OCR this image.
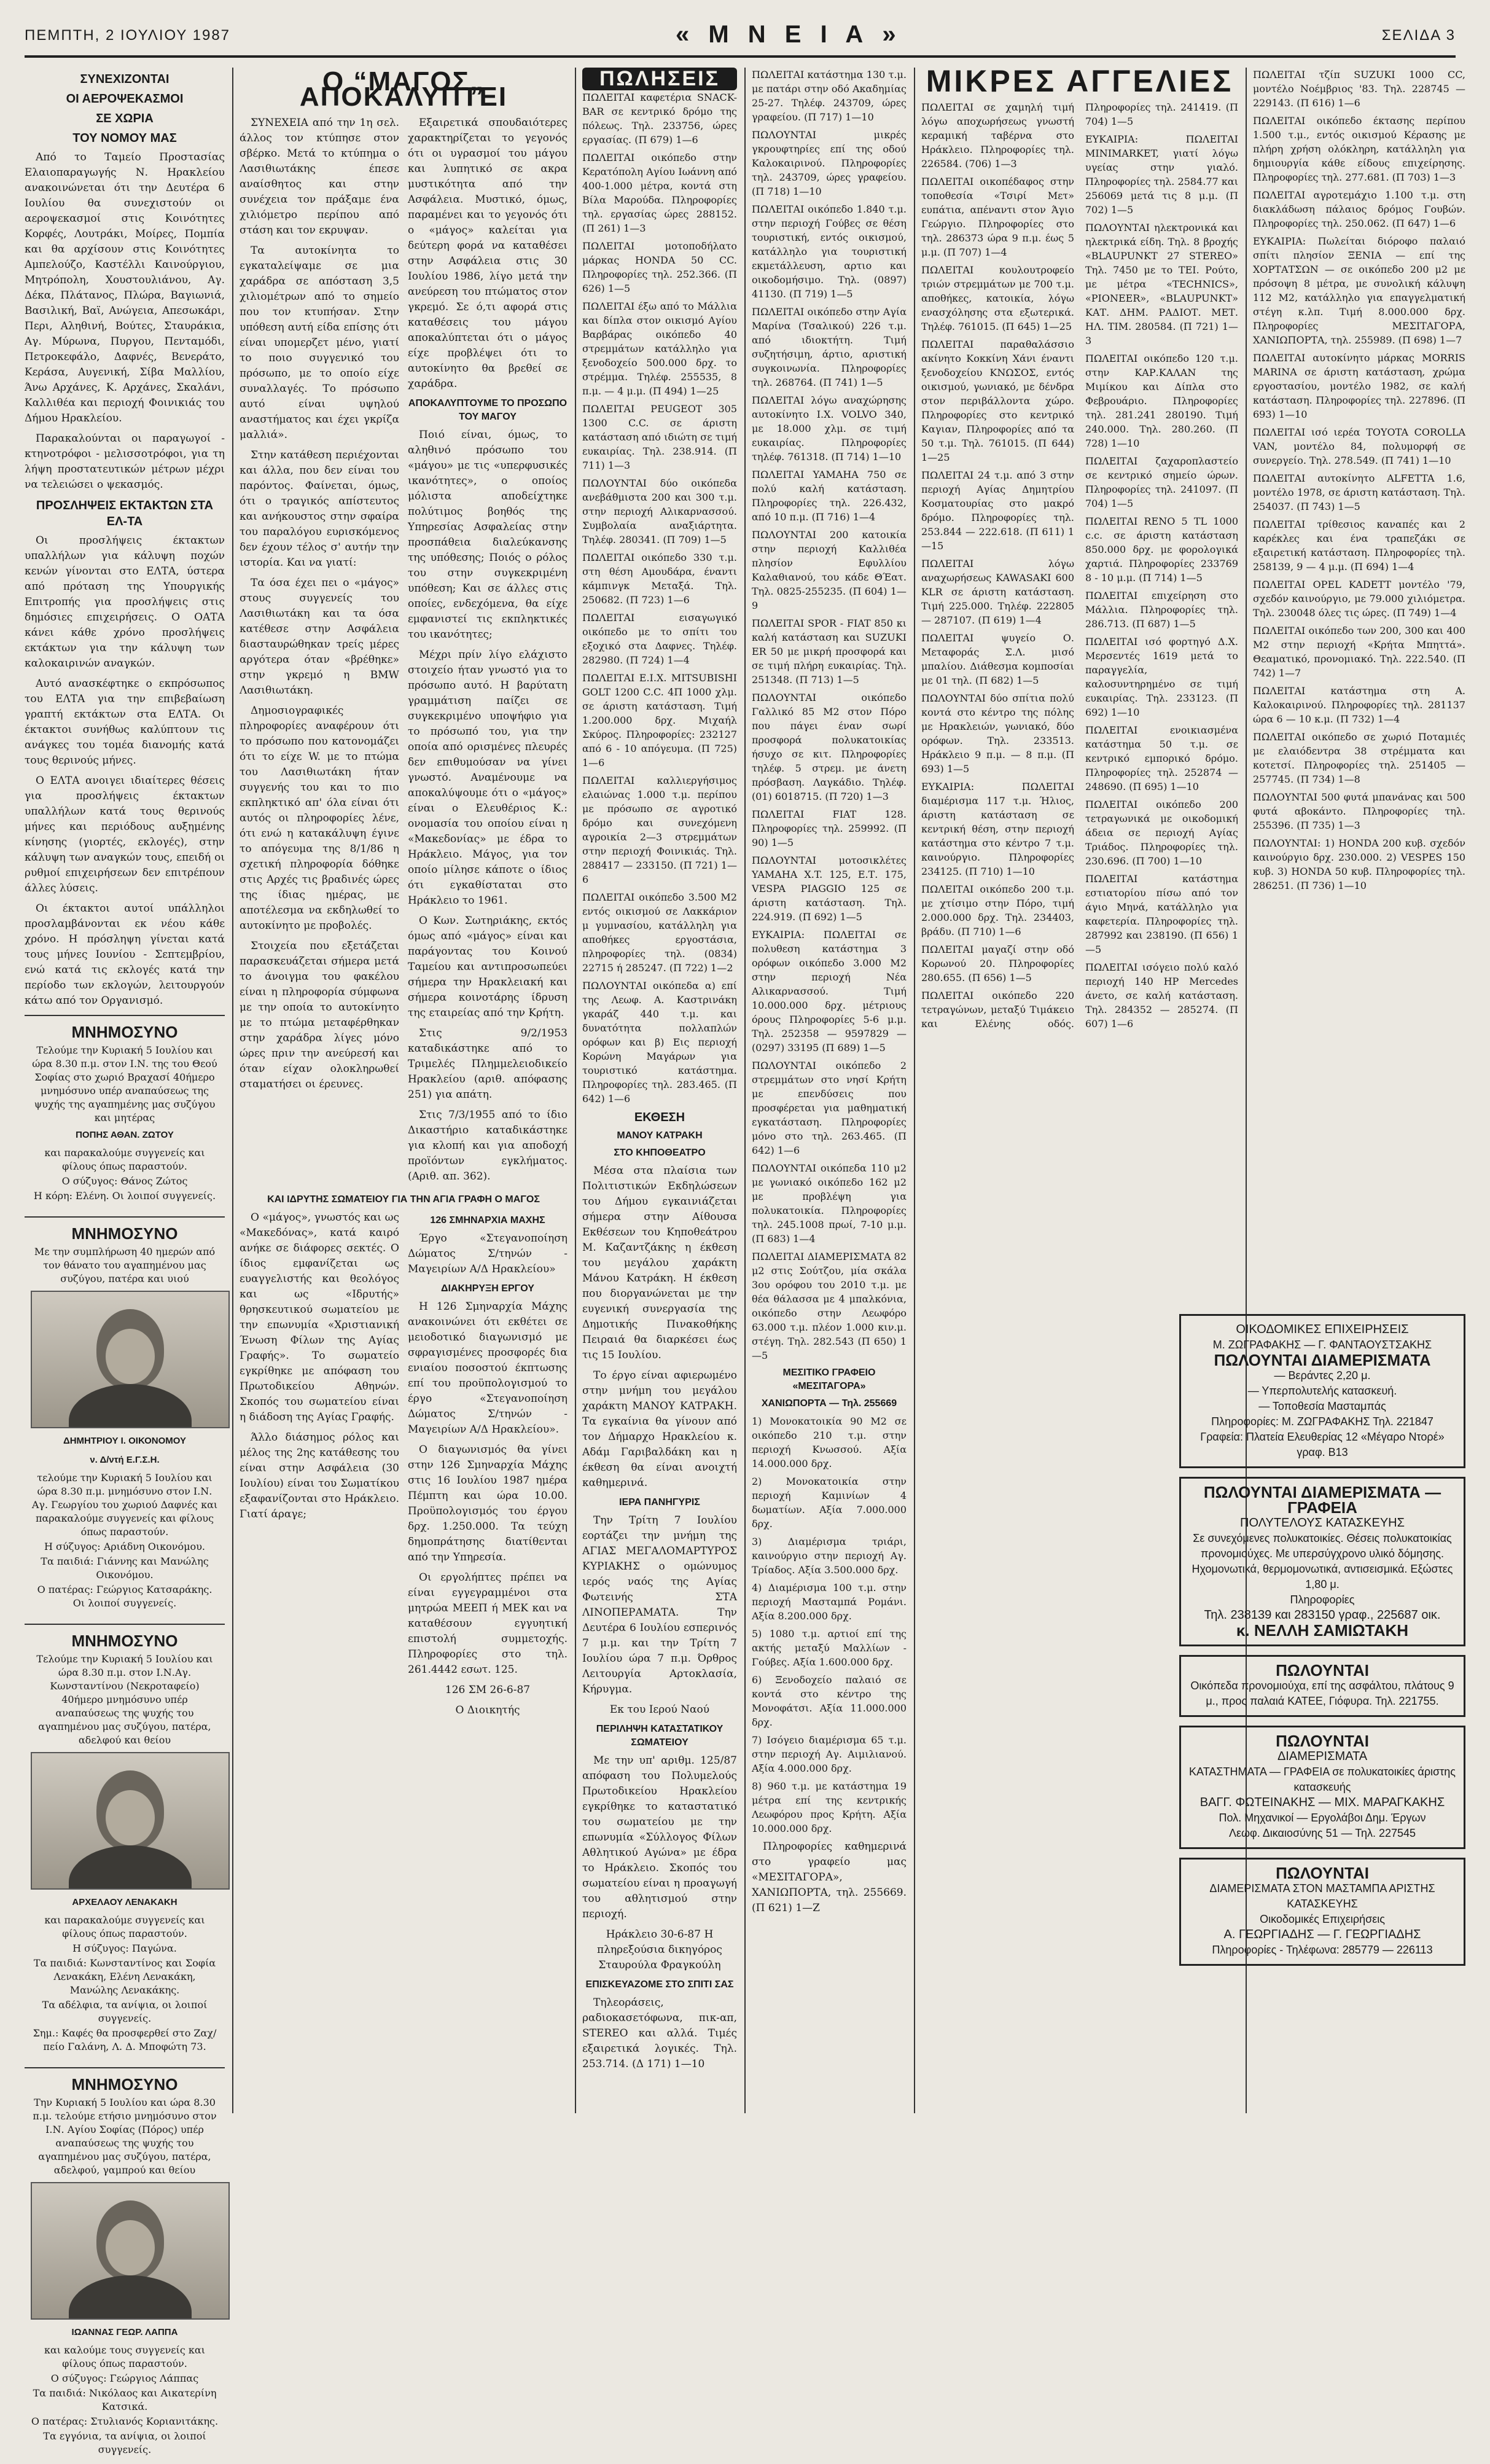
ΠΕΜΠΤΗ, 2 ΙΟΥΛΙΟΥ 1987	« Μ Ν Ε Ι Α »	ΣΕΛΙΔΑ 3
ΣΥΝΕΧΙΖΟΝΤΑΙ
ΟΙ ΑΕΡΟΨΕΚΑΣΜΟΙ
ΣΕ ΧΩΡΙΑ
ΤΟΥ ΝΟΜΟΥ ΜΑΣ

Από το Ταμείο Προστασίας Ελαιοπαραγωγής Ν. Ηρακλείου ανακοινώνεται ότι την Δευτέρα 6 Ιουλίου θα συνεχιστούν οι αεροψεκασμοί στις Κοινότητες Κορφές, Λουτράκι, Μοίρες, Πομπία και θα αρχίσουν στις Κοινότητες Αμπελούζο, Καστέλλι Καινούργιου, Μητρόπολη, Χουστουλιάνου, Αγ. Δέκα, Πλάτανος, Πλώρα, Βαγιωνιά, Βασιλική, Βαϊ, Ανώγεια, Απεσωκάρι, Περι, Αληθινή, Βούτες, Σταυράκια, Αγ. Μύρωνα, Πυργου, Πενταμόδι, Πετροκεφάλο, Δαφνές, Βενεράτο, Κεράσα, Αυγενική, Σίβα Μαλλίου, Άνω Αρχάνες, Κ. Αρχάνες, Σκαλάνι, Καλλιθέα και περιοχή Φοινικιάς του Δήμου Ηρακλείου.

Παρακαλούνται οι παραγωγοί - κτηνοτρόφοι - μελισσοτρόφοι, για τη λήψη προστατευτικών μέτρων μέχρι να τελειώσει ο ψεκασμός.

ΠΡΟΣΛΗΨΕΙΣ ΕΚΤΑΚΤΩΝ ΣΤΑ ΕΛ-ΤΑ

Οι προσλήψεις έκτακτων υπαλλήλων για κάλυψη ποχών κενών γίνονται στο ΕΛΤΑ, ύστερα από πρόταση της Υπουργικής Επιτροπής για προσλήψεις στις δημόσιες επιχειρήσεις. Ο ΟΑΤΑ κάνει κάθε χρόνο προσλήψεις εκτάκτων για την κάλυψη των καλοκαιρινών αναγκών.

Αυτό ανασκέφτηκε ο εκπρόσωπος του ΕΛΤΑ για την επιβεβαίωση γραπτή εκτάκτων στα ΕΛΤΑ. Οι έκτακτοι συνήθως καλύπτουν τις ανάγκες του τομέα διανομής κατά τους θερινούς μήνες.

Ο ΕΛΤΑ ανοιγει ιδιαίτερες θέσεις για προσλήψεις έκτακτων υπαλλήλων κατά τους θερινούς μήνες και περιόδους αυξημένης κίνησης (γιορτές, εκλογές), στην κάλυψη των αναγκών τους, επειδή οι ρυθμοί επιχειρήσεων δεν επιτρέπουν άλλες λύσεις.

Οι έκτακτοι αυτοί υπάλληλοι προσλαμβάνονται εκ νέου κάθε χρόνο. Η πρόσληψη γίνεται κατά τους μήνες Ιουνίου - Σεπτεμβρίου, ενώ κατά τις εκλογές κατά την περίοδο των εκλογών, λειτουργούν κάτω από τον Οργανισμό.

ΜΝΗΜΟΣΥΝΟ

Τελούμε την Κυριακή 5 Ιουλίου και ώρα 8.30 π.μ. στον Ι.Ν. της του Θεού Σοφίας στο χωριό Βραχασί 40ήμερο μνημόσυνο υπέρ αναπαύσεως της ψυχής της αγαπημένης μας συζύγου και μητέρας

ΠΟΠΗΣ ΑΘΑΝ. ΖΩΤΟΥ

και παρακαλούμε συγγενείς και φίλους όπως παραστούν.

Ο σύζυγος: Θάνος Ζώτος

Η κόρη: Ελένη. Οι λοιποί συγγενείς.

ΜΝΗΜΟΣΥΝΟ

Με την συμπλήρωση 40 ημερών από τον θάνατο του αγαπημένου μας συζύγου, πατέρα και υιού

ΔΗΜΗΤΡΙΟΥ Ι. ΟΙΚΟΝΟΜΟΥ
ν. Δ/ντή Ε.Γ.Σ.Η.

τελούμε την Κυριακή 5 Ιουλίου και ώρα 8.30 π.μ. μνημόσυνο στον Ι.Ν. Αγ. Γεωργίου του χωριού Δαφνές και παρακαλούμε συγγενείς και φίλους όπως παραστούν.

Η σύζυγος: Αριάδνη Οικονόμου.

Τα παιδιά: Γιάννης και Μανώλης Οικονόμου.

Ο πατέρας: Γεώργιος Κατσαράκης. Οι λοιποί συγγενείς.

ΜΝΗΜΟΣΥΝΟ

Τελούμε την Κυριακή 5 Ιουλίου και ώρα 8.30 π.μ. στον Ι.Ν.Αγ. Κωνσταντίνου (Νεκροταφείο) 40ήμερο μνημόσυνο υπέρ αναπαύσεως της ψυχής του αγαπημένου μας συζύγου, πατέρα, αδελφού και θείου

ΑΡΧΕΛΑΟΥ ΛΕΝΑΚΑΚΗ

και παρακαλούμε συγγενείς και φίλους όπως παραστούν.

Η σύζυγος: Παγώνα.

Τα παιδιά: Κωνσταντίνος και Σοφία Λενακάκη, Ελένη Λενακάκη, Μανώλης Λενακάκης.

Τα αδέλφια, τα ανίψια, οι λοιποί συγγενείς.

Σημ.: Καφές θα προσφερθεί στο Ζαχ/πείο Γαλάνη, Λ. Δ. Μποφώτη 73.

ΜΝΗΜΟΣΥΝΟ

Την Κυριακή 5 Ιουλίου και ώρα 8.30 π.μ. τελούμε ετήσιο μνημόσυνο στον Ι.Ν. Αγίου Σοφίας (Πόρος) υπέρ αναπαύσεως της ψυχής του αγαπημένου μας συζύγου, πατέρα, αδελφού, γαμπρού και θείου

ΙΩΑΝΝΑΣ ΓΕΩΡ. ΛΑΠΠΑ

και καλούμε τους συγγενείς και φίλους όπως παραστούν.

Ο σύζυγος: Γεώργιος Λάππας

Τα παιδιά: Νικόλαος και Αικατερίνη Κατσικά.

Ο πατέρας: Στυλιανός Κοριανιτάκης.

Τα εγγόνια, τα ανίψια, οι λοιποί συγγενείς.

Ο “ΜΑΓΟΣ„ ΑΠΟΚΑΛΥΠΤΕΙ

ΣΥΝΕΧΕΙΑ από την 1η σελ. άλλος τον κτύπησε στον σβέρκο. Μετά το κτύπημα ο Λασιθιωτάκης έπεσε αναίσθητος και στην συνέχεια τον πράξαμε ένα χιλιόμετρο περίπου από στάση και τον εκρυψαν.

Τα αυτοκίνητα το εγκαταλείψαμε σε μια χαράδρα σε απόσταση 3,5 χιλιομέτρων από το σημείο που τον κτυπήσαν. Στην υπόθεση αυτή είδα επίσης ότι είναι υπομερζετ μένο, γιατί το ποιο συγγενικό του πρόσωπο, με το οποίο είχε συναλλαγές. Το πρόσωπο αυτό είναι υψηλού αναστήματος και έχει γκρίζα μαλλιά».

Στην κατάθεση περιέχονται και άλλα, που δεν είναι του παρόντος. Φαίνεται, όμως, ότι ο τραγικός απίστευτος και ανήκουστος στην σφαίρα του παραλόγου ευρισκόμενος δεν έχουν τέλος σ' αυτήν την ιστορία. Και να γιατί:

Τα όσα έχει πει ο «μάγος» στους συγγενείς του Λασιθιωτάκη και τα όσα κατέθεσε στην Ασφάλεια διασταυρώθηκαν τρείς μέρες αργότερα όταν «βρέθηκε» στην γκρεμό η BMW Λασιθιωτάκη.

Δημοσιογραφικές πληροφορίες αναφέρουν ότι το πρόσωπο που κατονομάζει ότι το είχε W. με το πτώμα του Λασιθιωτάκη ήταν συγγενής του και το πιο εκπληκτικό απ' όλα είναι ότι αυτός οι πληροφορίες λένε, ότι ενώ η κατακάλυψη έγινε το απόγευμα της 8/1/86 η σχετική πληροφορία δόθηκε στις Αρχές τις βραδινές ώρες της ίδιας ημέρας, με αποτέλεσμα να εκδηλωθεί το αυτοκίνητο με προβολές.

Στοιχεία που εξετάζεται παρασκευάζεται σήμερα μετά το άνοιγμα του φακέλου είναι η πληροφορία σύμφωνα με την οποία το αυτοκίνητο με το πτώμα μεταφέρθηκαν στην χαράδρα λίγες μόνο ώρες πριν την ανεύρεσή και όταν είχαν ολοκληρωθεί σταματήσει οι έρευνες.

Εξαιρετικά σπουδαιότερες χαρακτηρίζεται το γεγονός ότι οι υγρασμοί του μάγου και λυπητικό σε ακρα μυστικότητα από την Ασφάλεια. Μυστικό, όμως, παραμένει και το γεγονός ότι ο «μάγος» καλείται για δεύτερη φορά να καταθέσει στην Ασφάλεια στις 30 Ιουλίου 1986, λίγο μετά την ανεύρεση του πτώματος στον γκρεμό. Σε ό,τι αφορά στις καταθέσεις του μάγου αποκαλύπτεται ότι ο μάγος είχε προβλέψει ότι το αυτοκίνητο θα βρεθεί σε χαράδρα.

ΑΠΟΚΑΛΥΠΤΟΥΜΕ ΤΟ ΠΡΟΣΩΠΟ ΤΟΥ ΜΑΓΟΥ

Ποιό είναι, όμως, το αληθινό πρόσωπο του «μάγου» με τις «υπερφυσικές ικανότητες», ο οποίος μόλιστα αποδείχτηκε πολύτιμος βοηθός της Υπηρεσίας Ασφαλείας στην προσπάθεια διαλεύκανσης της υπόθεσης; Ποιός ο ρόλος του στην συγκεκριμένη υπόθεση; Και σε άλλες στις οποίες, ενδεχόμενα, θα είχε εμφανιστεί τις εκπληκτικές του ικανότητες;

Μέχρι πρίν λίγο ελάχιστο στοιχείο ήταν γνωστό για το πρόσωπο αυτό. Η βαρύτατη γραμμάτιση παίζει σε συγκεκριμένο υποψήφιο για το πρόσωπό του, για την οποία από ορισμένες πλευρές δεν επιθυμούσαν να γίνει γνωστό. Αναμένουμε να αποκαλύψουμε ότι ο «μάγος» είναι ο Ελευθέριος Κ.: ονομασία του οποίου είναι η «Μακεδονίας» με έδρα το Ηράκλειο. Μάγος, για τον οποίο μίλησε κάποτε ο ίδιος ότι εγκαθίσταται στο Ηράκλειο το 1961.

Ο Κων. Σωτηριάκης, εκτός όμως από «μάγος» είναι και παράγοντας του Κοινού Ταμείου και αντιπροσωπεύει σήμερα την Ηρακλειακή και σήμερα κοινοτάρης ίδρυση της εταιρείας από την Κρήτη.

Στις 9/2/1953 καταδικάστηκε από το Τριμελές Πλημμελειοδικείο Ηρακλείου (αριθ. απόφασης 251) για απάτη.

Στις 7/3/1955 από το ίδιο Δικαστήριο καταδικάστηκε για κλοπή και για αποδοχή προϊόντων εγκλήματος. (Αριθ. απ. 362).

ΚΑΙ ΙΔΡΥΤΗΣ ΣΩΜΑΤΕΙΟΥ ΓΙΑ ΤΗΝ ΑΓΙΑ ΓΡΑΦΗ Ο ΜΑΓΟΣ

Ο «μάγος», γνωστός και ως «Μακεδόνας», κατά καιρό ανήκε σε διάφορες σεκτές. Ο ίδιος εμφανίζεται ως ευαγγελιστής και θεολόγος και ως «Ιδρυτής» θρησκευτικού σωματείου με την επωνυμία «Χριστιανική Ένωση Φίλων της Αγίας Γραφής». Το σωματείο εγκρίθηκε με απόφαση του Πρωτοδικείου Αθηνών. Σκοπός του σωματείου είναι η διάδοση της Αγίας Γραφής.

Άλλο διάσημος ρόλος και μέλος της 2ης κατάθεσης του είναι στην Ασφάλεια (30 Ιουλίου) είναι του Σωματίκου εξαφανίζονται στο Ηράκλειο. Γιατί άραγε;

126 ΣΜΗΝΑΡΧΙΑ ΜΑΧΗΣ

Έργο «Στεγανοποίηση Δώματος Σ/τηνών - Μαγειρίων Α/Δ Ηρακλείου»

ΔΙΑΚΗΡΥΞΗ ΕΡΓΟΥ

Η 126 Σμηναρχία Μάχης ανακοινώνει ότι εκθέτει σε μειοδοτικό διαγωνισμό με σφραγισμένες προσφορές δια ενιαίου ποσοστού έκπτωσης επί του προϋπολογισμού το έργο «Στεγανοποίηση Δώματος Σ/τηνών - Μαγειρίων Α/Δ Ηρακλείου».

Ο διαγωνισμός θα γίνει στην 126 Σμηναρχία Μάχης στις 16 Ιουλίου 1987 ημέρα Πέμπτη και ώρα 10.00. Προϋπολογισμός του έργου δρχ. 1.250.000. Τα τεύχη δημοπράτησης διατίθενται από την Υπηρεσία.

Οι εργολήπτες πρέπει να είναι εγγεγραμμένοι στα μητρώα ΜΕΕΠ ή ΜΕΚ και να καταθέσουν εγγυητική επιστολή συμμετοχής. Πληροφορίες στο τηλ. 261.4442 εσωτ. 125.

126 ΣΜ 26-6-87

Ο Διοικητής

ΠΩΛΗΣΕΙΣ
ΠΩΛΕΙΤΑΙ καφετέρια SNACK-BAR σε κεντρικό δρόμο της πόλεως. Τηλ. 233756, ώρες εργασίας. (Π 679) 1—6
ΠΩΛΕΙΤΑΙ οικόπεδο στην Κερατόπολη Αγίου Ιωάννη από 400-1.000 μέτρα, κοντά στη Βίλα Μαρούδα. Πληροφορίες τηλ. εργασίας ώρες 288152. (Π 261) 1—3
ΠΩΛΕΙΤΑΙ μοτοποδήλατο μάρκας HONDA 50 CC. Πληροφορίες τηλ. 252.366. (Π 626) 1—5
ΠΩΛΕΙΤΑΙ έξω από το Μάλλια και δίπλα στον οικισμό Αγίου Βαρβάρας οικόπεδο 40 στρεμμάτων κατάλληλο για ξενοδοχείο 500.000 δρχ. το στρέμμα. Τηλέφ. 255535, 8 π.μ. — 4 μ.μ. (Π 494) 1—25
ΠΩΛΕΙΤΑΙ PEUGEOT 305 1300 C.C. σε άριστη κατάσταση από ιδιώτη σε τιμή ευκαιρίας. Τηλ. 238.914. (Π 711) 1—3
ΠΩΛΟΥΝΤΑΙ δύο οικόπεδα ανεβάθμιστα 200 και 300 τ.μ. στην περιοχή Αλικαρνασσού. Συμβολαία αναξιάρτητα. Τηλέφ. 280341. (Π 709) 1—5
ΠΩΛΕΙΤΑΙ οικόπεδο 330 τ.μ. στη θέση Αμουδάρα, έναντι κάμπινγκ Μεταξά. Τηλ. 250682. (Π 723) 1—6
ΠΩΛΕΙΤΑΙ εισαγωγικό οικόπεδο με το σπίτι του εξοχικό στα Δαφνες. Τηλέφ. 282980. (Π 724) 1—4
ΠΩΛΕΙΤΑΙ Ε.Ι.Χ. MITSUBISHI GOLT 1200 C.C. 4Π 1000 χλμ. σε άριστη κατάσταση. Τιμή 1.200.000 δρχ. Μιχαήλ Σκύρος. Πληροφορίες: 232127 από 6 - 10 απόγευμα. (Π 725) 1—6
ΠΩΛΕΙΤΑΙ καλλιεργήσιμος ελαιώνας 1.000 τ.μ. περίπου με πρόσωπο σε αγροτικό δρόμο και συνεχόμενη αγροικία 2—3 στρεμμάτων στην περιοχή Φοινικιάς. Τηλ. 288417 — 233150. (Π 721) 1—6
ΠΩΛΕΙΤΑΙ οικόπεδο 3.500 Μ2 εντός οικισμού σε Λακκάριον μ γυμνασίου, κατάλληλη για αποθήκες εργοστάσια, πληροφορίες τηλ. (0834) 22715 ή 285247. (Π 722) 1—2
ΠΩΛΟΥΝΤΑΙ οικόπεδα α) επί της Λεωφ. Α. Καστρινάκη γκαράζ 440 τ.μ. και δυνατότητα πολλαπλών ορόφων και β) Εις περιοχή Κορώνη Μαγάρων για τουριστικό κατάστημα. Πληροφορίες τηλ. 283.465. (Π 642) 1—6
ΕΚΘΕΣΗ
ΜΑΝΟΥ ΚΑΤΡΑΚΗ
ΣΤΟ ΚΗΠΟΘΕΑΤΡΟ

Μέσα στα πλαίσια των Πολιτιστικών Εκδηλώσεων του Δήμου εγκαινιάζεται σήμερα στην Αίθουσα Εκθέσεων του Κηποθεάτρου Μ. Καζαντζάκης η έκθεση του μεγάλου χαράκτη Μάνου Κατράκη. Η έκθεση που διοργανώνεται με την ευγενική συνεργασία της Δημοτικής Πινακοθήκης Πειραιά θα διαρκέσει έως τις 15 Ιουλίου.

Το έργο είναι αφιερωμένο στην μνήμη του μεγάλου χαράκτη ΜΑΝΟΥ ΚΑΤΡΑΚΗ. Τα εγκαίνια θα γίνουν από τον Δήμαρχο Ηρακλείου κ. Αδάμ Γαριβαλδάκη και η έκθεση θα είναι ανοιχτή καθημερινά.

ΙΕΡΑ ΠΑΝΗΓΥΡΙΣ

Την Τρίτη 7 Ιουλίου εορτάζει την μνήμη της ΑΓΙΑΣ ΜΕΓΑΛΟΜΑΡΤΥΡΟΣ ΚΥΡΙΑΚΗΣ ο ομώνυμος ιερός ναός της Αγίας Φωτεινής ΣΤΑ ΛΙΝΟΠΕΡΑΜΑΤΑ. Την Δευτέρα 6 Ιουλίου εσπερινός 7 μ.μ. και την Τρίτη 7 Ιουλίου ώρα 7 π.μ. Όρθρος Λειτουργία Αρτοκλασία, Κήρυγμα.

Εκ του Ιερού Ναού

ΠΕΡΙΛΗΨΗ ΚΑΤΑΣΤΑΤΙΚΟΥ ΣΩΜΑΤΕΙΟΥ

Με την υπ' αριθμ. 125/87 απόφαση του Πολυμελούς Πρωτοδικείου Ηρακλείου εγκρίθηκε το καταστατικό του σωματείου με την επωνυμία «Σύλλογος Φίλων Αθλητικού Αγώνα» με έδρα το Ηράκλειο. Σκοπός του σωματείου είναι η προαγωγή του αθλητισμού στην περιοχή.

Ηράκλειο 30-6-87 Η πληρεξούσια δικηγόρος Σταυρούλα Φραγκούλη

ΕΠΙΣΚΕΥΑΖΟΜΕ ΣΤΟ ΣΠΙΤΙ ΣΑΣ

Τηλεοράσεις, ραδιοκασετόφωνα, πικ-απ, STEREO και αλλά. Τιμές εξαιρετικά λογικές. Τηλ. 253.714. (Δ 171) 1—10

ΠΩΛΕΙΤΑΙ κατάστημα 130 τ.μ. με πατάρι στην οδό Ακαδημίας 25-27. Τηλέφ. 243709, ώρες γραφείου. (Π 717) 1—10
ΠΩΛΟΥΝΤΑΙ μικρές γκρουφτηρίες επί της οδού Καλοκαιρινού. Πληροφορίες τηλ. 243709, ώρες γραφείου. (Π 718) 1—10
ΠΩΛΕΙΤΑΙ οικόπεδο 1.840 τ.μ. στην περιοχή Γούβες σε θέση τουριστική, εντός οικισμού, κατάλληλο για τουριστική εκμετάλλευση, αρτιο και οικοδομήσιμο. Τηλ. (0897) 41130. (Π 719) 1—5
ΠΩΛΕΙΤΑΙ οικόπεδο στην Αγία Μαρίνα (Τσαλικού) 226 τ.μ. από ιδιοκτήτη. Τιμή συζητήσιμη, άρτιο, αριστική συγκοινωνία. Πληροφορίες τηλ. 268764. (Π 741) 1—5
ΠΩΛΕΙΤΑΙ λόγω αναχώρησης αυτοκίνητο Ι.Χ. VOLVO 340, με 18.000 χλμ. σε τιμή ευκαιρίας. Πληροφορίες τηλέφ. 761318. (Π 714) 1—10
ΠΩΛΕΙΤΑΙ YAMAHA 750 σε πολύ καλή κατάσταση. Πληροφορίες τηλ. 226.432, από 10 π.μ. (Π 716) 1—4
ΠΩΛΟΥΝΤΑΙ 200 κατοικία στην περιοχή Καλλιθέα πλησίον Εφυλλίου Καλαθιανού, του κάδε ΘΈατ. Τηλ. 0825-255235. (Π 604) 1—9
ΠΩΛΕΙΤΑΙ SPOR - FIAT 850 κι καλή κατάσταση και SUZUKI ER 50 με μικρή προσφορά και σε τιμή πλήρη ευκαιρίας. Τηλ. 251348. (Π 713) 1—5
ΠΩΛΟΥΝΤΑΙ οικόπεδο Γαλλικό 85 Μ2 στον Πόρο που πάγει έναν σωρί προσφορά πολυκατοικίας ήσυχο σε κιτ. Πληροφορίες τηλέφ. 5 στρεμ. με άνετη πρόσβαση. Λαγκάδιο. Τηλέφ. (01) 6018715. (Π 720) 1—3
ΠΩΛΕΙΤΑΙ FIAT 128. Πληροφορίες τηλ. 259992. (Π 90) 1—5
ΠΩΛΟΥΝΤΑΙ μοτοσικλέτες YAMAHA X.T. 125, Ε.Τ. 175, VESPA PIAGGIO 125 σε άριστη κατάσταση. Τηλ. 224.919. (Π 692) 1—5
ΕΥΚΑΙΡΙΑ: ΠΩΛΕΙΤΑΙ σε πολυθεση κατάστημα 3 ορόφων οικόπεδο 3.000 Μ2 στην περιοχή Νέα Αλικαρνασσού. Τιμή 10.000.000 δρχ. μέτριους όρους Πληροφορίες 5-6 μ.μ. Τηλ. 252358 — 9597829 — (0297) 33195 (Π 689) 1—5
ΠΩΛΟΥΝΤΑΙ οικόπεδο 2 στρεμμάτων στο νησί Κρήτη με επενδύσεις που προσφέρεται για μαθηματική εγκατάσταση. Πληροφορίες μόνο στο τηλ. 263.465. (Π 642) 1—6
ΠΩΛΟΥΝΤΑΙ οικόπεδα 110 μ2 με γωνιακό οικόπεδο 162 μ2 με προβλέψη για πολυκατοικία. Πληροφορίες τηλ. 245.1008 πρωί, 7-10 μ.μ. (Π 683) 1—4
ΠΩΛΕΙΤΑΙ ΔΙΑΜΕΡΙΣΜΑΤΑ 82 μ2 στις Σούτζου, μία σκάλα 3ου ορόφου του 2010 τ.μ. με θέα θάλασσα με 4 μπαλκόνια, οικόπεδο στην Λεωφόρο 63.000 τ.μ. πλέον 1.000 κιν.μ. στέγη. Τηλ. 282.543 (Π 650) 1—5
ΜΕΣΙΤΙΚΟ ΓΡΑΦΕΙΟ «ΜΕΣΙΤΑΓΟΡΑ»
ΧΑΝΙΩΠΟΡΤΑ — Τηλ. 255669
1) Μονοκατοικία 90 Μ2 σε οικόπεδο 210 τ.μ. στην περιοχή Κνωσσού. Αξία 14.000.000 δρχ.
2) Μονοκατοικία στην περιοχή Καμινίων 4 δωματίων. Αξία 7.000.000 δρχ.
3) Διαμέρισμα τριάρι, καινούργιο στην περιοχή Αγ. Τρίαδος. Αξία 3.500.000 δρχ.
4) Διαμέρισμα 100 τ.μ. στην περιοχή Μασταμπά Ρομάνι. Αξία 8.200.000 δρχ.
5) 1080 τ.μ. αρτιοί επί της ακτής μεταξύ Μαλλίων - Γούβες. Αξία 1.600.000 δρχ.
6) Ξενοδοχείο παλαιό σε κοντά στο κέντρο της Μονοφάτσι. Αξία 11.000.000 δρχ.
7) Ισόγειο διαμέρισμα 65 τ.μ. στην περιοχή Αγ. Αιμιλιανού. Αξία 4.000.000 δρχ.
8) 960 τ.μ. με κατάστημα 19 μέτρα επί της κεντρικής Λεωφόρου προς Κρήτη. Αξία 10.000.000 δρχ.

Πληροφορίες καθημερινά στο γραφείο μας «ΜΕΣΙΤΑΓΟΡΑ», ΧΑΝΙΩΠΟΡΤΑ, τηλ. 255669. (Π 621) 1—Z

ΜΙΚΡΕΣ ΑΓΓΕΛΙΕΣ
ΠΩΛΕΙΤΑΙ σε χαμηλή τιμή λόγω αποχωρήσεως γνωστή κεραμική ταβέρνα στο Ηράκλειο. Πληροφορίες τηλ. 226584. (706) 1—3
ΠΩΛΕΙΤΑΙ οικοπέδαφος στην τοποθεσία «Τσιρί Μετ» ευπάτια, απέναντι στον Άγιο Γεώργιο. Πληροφορίες στο τηλ. 286373 ώρα 9 π.μ. έως 5 μ.μ. (Π 707) 1—4
ΠΩΛΕΙΤΑΙ κουλουτροφείο τριών στρεμμάτων με 700 τ.μ. αποθήκες, κατοικία, λόγω ενασχόλησης στα εξωτερικά. Τηλέφ. 761015. (Π 645) 1—25
ΠΩΛΕΙΤΑΙ παραθαλάσσιο ακίνητο Κοκκίνη Χάνι έναντι ξενοδοχείου ΚΝΩΣΟΣ, εντός οικισμού, γωνιακό, με δένδρα στον περιβάλλοντα χώρο. Πληροφορίες στο κεντρικό Καγιαν, Πληροφορίες από τα 50 τ.μ. Τηλ. 761015. (Π 644) 1—25
ΠΩΛΕΙΤΑΙ 24 τ.μ. από 3 στην περιοχή Αγίας Δημητρίου Κοσματουρίας στο μακρό δρόμο. Πληροφορίες τηλ. 253.844 — 222.618. (Π 611) 1—15
ΠΩΛΕΙΤΑΙ λόγω αναχωρήσεως KAWASAKI 600 KLR σε άριστη κατάσταση. Τιμή 225.000. Τηλέφ. 222805 — 287107. (Π 619) 1—4
ΠΩΛΕΙΤΑΙ ψυγείο Ο. Μεταφοράς Σ.Λ. μισό μπαλίου. Διάθεσμα κομποσίαι με 01 τηλ. (Π 682) 1—5
ΠΩΛΟΥΝΤΑΙ δύο σπίτια πολύ κοντά στο κέντρο της πόλης με Ηρακλειών, γωνιακό, δύο ορόφων. Τηλ. 233513. Ηράκλειο 9 π.μ. — 8 π.μ. (Π 693) 1—5
ΕΥΚΑΙΡΙΑ: ΠΩΛΕΙΤΑΙ διαμέρισμα 117 τ.μ. Ήλιος, άριστη κατάσταση σε κεντρική θέση, στην περιοχή κατάστημα στο κέντρο 7 τ.μ. καινούργιο. Πληροφορίες 234125. (Π 710) 1—10
ΠΩΛΕΙΤΑΙ οικόπεδο 200 τ.μ. με χτίσιμο στην Πόρο, τιμή 2.000.000 δρχ. Τηλ. 234403, βράδυ. (Π 710) 1—6
ΠΩΛΕΙΤΑΙ μαγαζί στην οδό Κορωνού 20. Πληροφορίες 280.655. (Π 656) 1—5
ΠΩΛΕΙΤΑΙ οικόπεδο 220 τετραγώνων, μεταξύ Τιμάκειο και Ελένης οδός. Πληροφορίες τηλ. 241419. (Π 704) 1—5
ΕΥΚΑΙΡΙΑ: ΠΩΛΕΙΤΑΙ MINIMARKET, γιατί λόγω υγείας στην γιαλό. Πληροφορίες τηλ. 2584.77 και 256069 μετά τις 8 μ.μ. (Π 702) 1—5
ΠΩΛΟΥΝΤΑΙ ηλεκτρονικά και ηλεκτρικά είδη. Τηλ. 8 βροχής «BLAUPUNKT 27 STEREO» Τηλ. 7450 με το ΤΕΙ. Ρούτο, με μέτρα «TECHNICS», «PIONEER», «BLAUPUNKT» ΚΑΤ. ΔΗΜ. ΡΑΔΙΟΤ. ΜΕΤ. ΗΛ. ΤΙΜ. 280584. (Π 721) 1—3
ΠΩΛΕΙΤΑΙ οικόπεδο 120 τ.μ. στην ΚΑΡ.ΚΑΛΑΝ της Μιμίκου και Δίπλα στο Φεβρουάριο. Πληροφορίες τηλ. 281.241 280190. Τιμή 240.000. Τηλ. 280.260. (Π 728) 1—10
ΠΩΛΕΙΤΑΙ ζαχαροπλαστείο σε κεντρικό σημείο ώρων. Πληροφορίες τηλ. 241097. (Π 704) 1—5
ΠΩΛΕΙΤΑΙ RENO 5 TL 1000 c.c. σε άριστη κατάσταση 850.000 δρχ. με φορολογικά χαρτιά. Πληροφορίες 233769 8 - 10 μ.μ. (Π 714) 1—5
ΠΩΛΕΙΤΑΙ επιχείρηση στο Μάλλια. Πληροφορίες τηλ. 286.713. (Π 687) 1—5
ΠΩΛΕΙΤΑΙ ισό φορτηγό Δ.Χ. Μερσεντές 1619 μετά το παραγγελία, καλοσυντηρημένο σε τιμή ευκαιρίας. Τηλ. 233123. (Π 692) 1—10
ΠΩΛΕΙΤΑΙ ενοικιασμένα κατάστημα 50 τ.μ. σε κεντρικό εμπορικό δρόμο. Πληροφορίες τηλ. 252874 — 248690. (Π 695) 1—10
ΠΩΛΕΙΤΑΙ οικόπεδο 200 τετραγωνικά με οικοδομική άδεια σε περιοχή Αγίας Τριάδος. Πληροφορίες τηλ. 230.696. (Π 700) 1—10
ΠΩΛΕΙΤΑΙ κατάστημα εστιατορίου πίσω από τον άγιο Μηνά, κατάλληλο για καφετερία. Πληροφορίες τηλ. 287992 και 238190. (Π 656) 1—5
ΠΩΛΕΙΤΑΙ ισόγειο πολύ καλό περιοχή 140 HP Mercedes άνετο, σε καλή κατάσταση. Τηλ. 284352 — 285274. (Π 607) 1—6
ΠΩΛΕΙΤΑΙ τζίπ SUZUKI 1000 CC, μοντέλο Νοέμβριος '83. Τηλ. 228745 — 229143. (Π 616) 1—6
ΠΩΛΕΙΤΑΙ οικόπεδο έκτασης περίπου 1.500 τ.μ., εντός οικισμού Κέρασης με πλήρη χρήση ολόκληρη, κατάλληλη για δημιουργία κάθε είδους επιχείρησης. Πληροφορίες τηλ. 277.681. (Π 703) 1—3
ΠΩΛΕΙΤΑΙ αγροτεμάχιο 1.100 τ.μ. στη διακλάδωση πάλαιος δρόμος Γουβών. Πληροφορίες τηλ. 250.062. (Π 647) 1—6
ΕΥΚΑΙΡΙΑ: Πωλείται διόροφο παλαιό σπίτι πλησίον ΞΕΝΙΑ — επί της ΧΟΡΤΑΤΣΩΝ — σε οικόπεδο 200 μ2 με πρόσοψη 8 μέτρα, με συνολική κάλυψη 112 Μ2, κατάλληλο για επαγγελματική στέγη κ.λπ. Τιμή 8.000.000 δρχ. Πληροφορίες ΜΕΣΙΤΑΓΟΡΑ, ΧΑΝΙΩΠΟΡΤΑ, τηλ. 255989. (Π 698) 1—7
ΠΩΛΕΙΤΑΙ αυτοκίνητο μάρκας MORRIS MARINA σε άριστη κατάσταση, χρώμα εργοστασίου, μοντέλο 1982, σε καλή κατάσταση. Πληροφορίες τηλ. 227896. (Π 693) 1—10
ΠΩΛΕΙΤΑΙ ισό ιερέα TOYOTA COROLLA VAN, μοντέλο 84, πολυμορφή σε συνεργείο. Τηλ. 278.549. (Π 741) 1—10
ΠΩΛΕΙΤΑΙ αυτοκίνητο ALFETTA 1.6, μοντέλο 1978, σε άριστη κατάσταση. Τηλ. 254037. (Π 743) 1—5
ΠΩΛΕΙΤΑΙ τρίθεσιος καναπές και 2 καρέκλες και ένα τραπεζάκι σε εξαιρετική κατάσταση. Πληροφορίες τηλ. 258139, 9 — 4 μ.μ. (Π 694) 1—4
ΠΩΛΕΙΤΑΙ OPEL KADETT μοντέλο '79, σχεδόν καινούργιο, με 79.000 χιλιόμετρα. Τηλ. 230048 όλες τις ώρες. (Π 749) 1—4
ΠΩΛΕΙΤΑΙ οικόπεδο των 200, 300 και 400 Μ2 στην περιοχή «Κρήτα Μπηττά». Θεαματικό, προνομιακό. Τηλ. 222.540. (Π 742) 1—7
ΠΩΛΕΙΤΑΙ κατάστημα στη Α. Καλοκαιρινού. Πληροφορίες τηλ. 281137 ώρα 6 — 10 κ.μ. (Π 732) 1—4
ΠΩΛΕΙΤΑΙ οικόπεδο σε χωριό Ποταμιές με ελαιόδεντρα 38 στρέμματα και κοτετσί. Πληροφορίες τηλ. 251405 — 257745. (Π 734) 1—8
ΠΩΛΟΥΝΤΑΙ 500 φυτά μπανάνας και 500 φυτά αβοκάντο. Πληροφορίες τηλ. 255396. (Π 735) 1—3
ΠΩΛΟΥΝΤΑΙ: 1) HONDA 200 κυβ. σχεδόν καινούργιο δρχ. 230.000. 2) VESPES 150 κυβ. 3) HONDA 50 κυβ. Πληροφορίες τηλ. 286251. (Π 736) 1—10
ΟΙΚΟΔΟΜΙΚΕΣ ΕΠΙΧΕΙΡΗΣΕΙΣ
Μ. ΖΩΓΡΑΦΑΚΗΣ — Γ. ΦΑΝΤΑΟΥΣΤΣΑΚΗΣ
ΠΩΛΟΥΝΤΑΙ ΔΙΑΜΕΡΙΣΜΑΤΑ
— Βεράντες 2,20 μ.
— Υπερπολυτελής κατασκευή.
— Τοποθεσία Μασταμπάς
Πληροφορίες: Μ. ΖΩΓΡΑΦΑΚΗΣ Τηλ. 221847
Γραφεία: Πλατεία Ελευθερίας 12 «Μέγαρο Ντορέ» γραφ. Β13
ΠΩΛΟΥΝΤΑΙ ΔΙΑΜΕΡΙΣΜΑΤΑ — ΓΡΑΦΕΙΑ
ΠΟΛΥΤΕΛΟΥΣ ΚΑΤΑΣΚΕΥΗΣ
Σε συνεχόμενες πολυκατοικίες. Θέσεις πολυκατοικίας προνομιούχες. Με υπερσύγχρονο υλικό δόμησης. Ηχομονωτικά, θερμομονωτικά, αντισεισμικά. Εξώστες 1,80 μ.
Πληροφορίες
Τηλ. 238139 και 283150 γραφ., 225687 οικ.
κ. ΝΕΛΛΗ ΣΑΜΙΩΤΑΚΗ
ΠΩΛΟΥΝΤΑΙ
Οικόπεδα προνομιούχα, επί της ασφάλτου, πλάτους 9 μ., προς παλαιά ΚΑΤΕΕ, Γιόφυρα. Τηλ. 221755.
ΠΩΛΟΥΝΤΑΙ
ΔΙΑΜΕΡΙΣΜΑΤΑ
ΚΑΤΑΣΤΗΜΑΤΑ — ΓΡΑΦΕΙΑ σε πολυκατοικίες άριστης κατασκευής
ΒΑΓΓ. ΦΩΤΕΙΝΑΚΗΣ — ΜΙΧ. ΜΑΡΑΓΚΑΚΗΣ
Πολ. Μηχανικοί — Εργολάβοι Δημ. Έργων
Λεωφ. Δικαιοσύνης 51 — Τηλ. 227545
ΠΩΛΟΥΝΤΑΙ
ΔΙΑΜΕΡΙΣΜΑΤΑ ΣΤΟΝ ΜΑΣΤΑΜΠΑ ΑΡΙΣΤΗΣ ΚΑΤΑΣΚΕΥΗΣ
Οικοδομικές Επιχειρήσεις
Α. ΓΕΩΡΓΙΑΔΗΣ — Γ. ΓΕΩΡΓΙΑΔΗΣ
Πληροφορίες - Τηλέφωνα: 285779 — 226113
